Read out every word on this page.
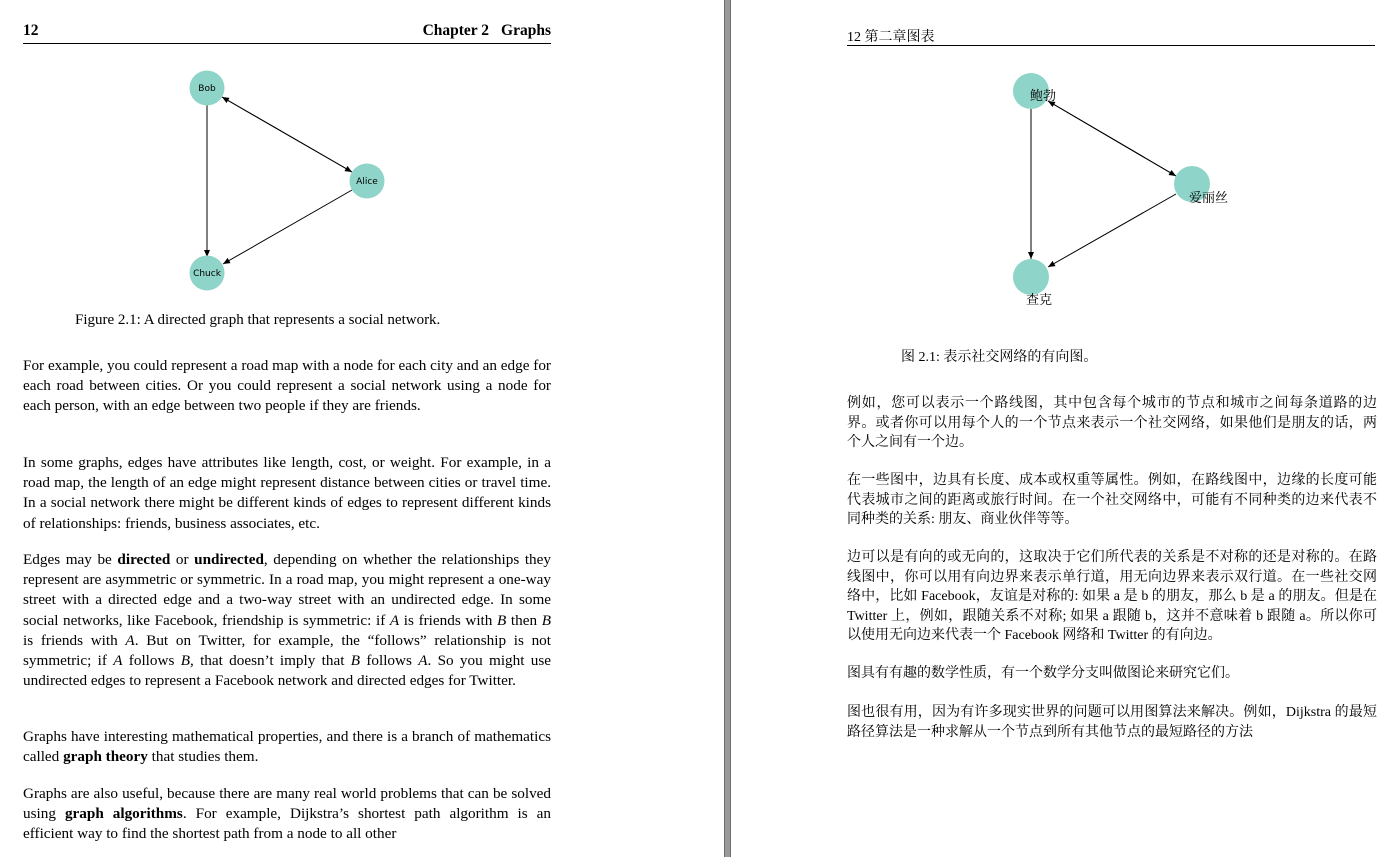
12	Chapter 2 Graphs
Bob
Alice
Chuck
Figure 2.1: A directed graph that represents a social network.

For example, you could represent a road map with a node for each city and an edge for each road between cities. Or you could represent a social network using a node for each person, with an edge between two people if they are friends.

In some graphs, edges have attributes like length, cost, or weight. For example, in a road map, the length of an edge might represent distance between cities or travel time. In a social network there might be different kinds of edges to represent different kinds of relationships: friends, business associates, etc.

Edges may be directed or undirected, depending on whether the relationships they represent are asymmetric or symmetric. In a road map, you might represent a one-way street with a directed edge and a two-way street with an undirected edge. In some social networks, like Facebook, friendship is symmetric: if A is friends with B then B is friends with A. But on Twitter, for example, the “follows” relationship is not symmetric; if A follows B, that doesn’t imply that B follows A. So you might use undirected edges to represent a Facebook network and directed edges for Twitter.

Graphs have interesting mathematical properties, and there is a branch of mathematics called graph theory that studies them.

Graphs are also useful, because there are many real world problems that can be solved using graph algorithms. For example, Dijkstra’s shortest path algorithm is an efficient way to find the shortest path from a node to all other

12 第二章图表
鲍勃
爱丽丝
查克
图 2.1: 表示社交网络的有向图。

例如，您可以表示一个路线图，其中包含每个城市的节点和城市之间每条道路的边界。或者你可以用每个人的一个节点来表示一个社交网络，如果他们是朋友的话，两个人之间有一个边。

在一些图中，边具有长度、成本或权重等属性。例如，在路线图中，边缘的长度可能代表城市之间的距离或旅行时间。在一个社交网络中，可能有不同种类的边来代表不同种类的关系: 朋友、商业伙伴等等。

边可以是有向的或无向的，这取决于它们所代表的关系是不对称的还是对称的。在路线图中，你可以用有向边界来表示单行道，用无向边界来表示双行道。在一些社交网络中，比如 Facebook，友谊是对称的: 如果 a 是 b 的朋友，那么 b 是 a 的朋友。但是在 Twitter 上，例如，跟随关系不对称; 如果 a 跟随 b，这并不意味着 b 跟随 a。所以你可以使用无向边来代表一个 Facebook 网络和 Twitter 的有向边。

图具有有趣的数学性质，有一个数学分支叫做图论来研究它们。

图也很有用，因为有许多现实世界的问题可以用图算法来解决。例如，Dijkstra 的最短路径算法是一种求解从一个节点到所有其他节点的最短路径的方法
